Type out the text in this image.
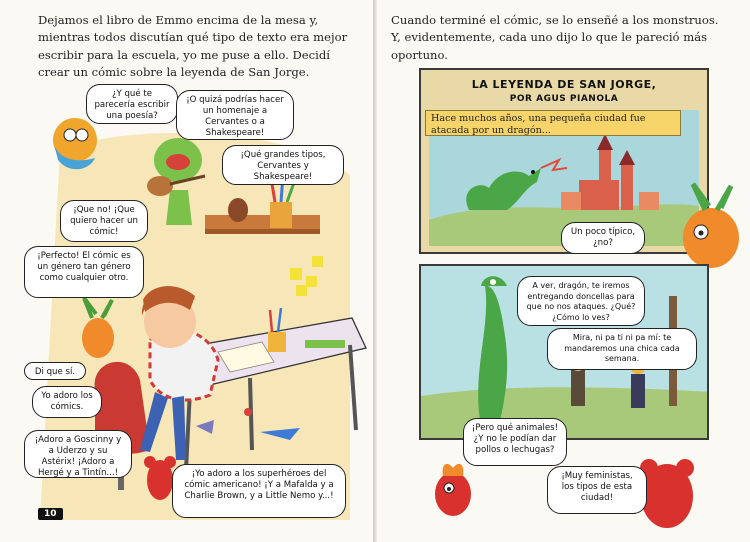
Dejamos el libro de Emmo encima de la mesa y, mientras todos discutían qué tipo de texto era mejor escribir para la escuela, yo me puse a ello. Decidí crear un cómic sobre la leyenda de San Jorge.

¿Y qué te parecería escribir una poesía?
¡O quizá podrías hacer un homenaje a Cervantes o a Shakespeare!
¡Qué grandes tipos, Cervantes y Shakespeare!
¡Que no! ¡Que quiero hacer un cómic!
¡Perfecto! El cómic es un género tan género como cualquier otro.
Di que sí.
Yo adoro los cómics.
¡Adoro a Goscinny y a Uderzo y su Astérix! ¡Adoro a Hergé y a Tintín...!	¡Yo adoro a los superhéroes del cómic americano! ¡Y a Mafalda y a Charlie Brown, y a Little Nemo y...!
10

Cuando terminé el cómic, se lo enseñé a los monstruos. Y, evidentemente, cada uno dijo lo que le pareció más oportuno.

LA LEYENDA DE SAN JORGE,
POR AGUS PIANOLA
Hace muchos años, una pequeña ciudad fue atacada por un dragón...
Un poco típico, ¿no?
A ver, dragón, te iremos entregando doncellas para que no nos ataques. ¿Qué? ¿Cómo lo ves?
Mira, ni pa ti ni pa mí: te mandaremos una chica cada semana.
¡Pero qué animales! ¿Y no le podían dar pollos o lechugas?
¡Muy feministas, los tipos de esta ciudad!
